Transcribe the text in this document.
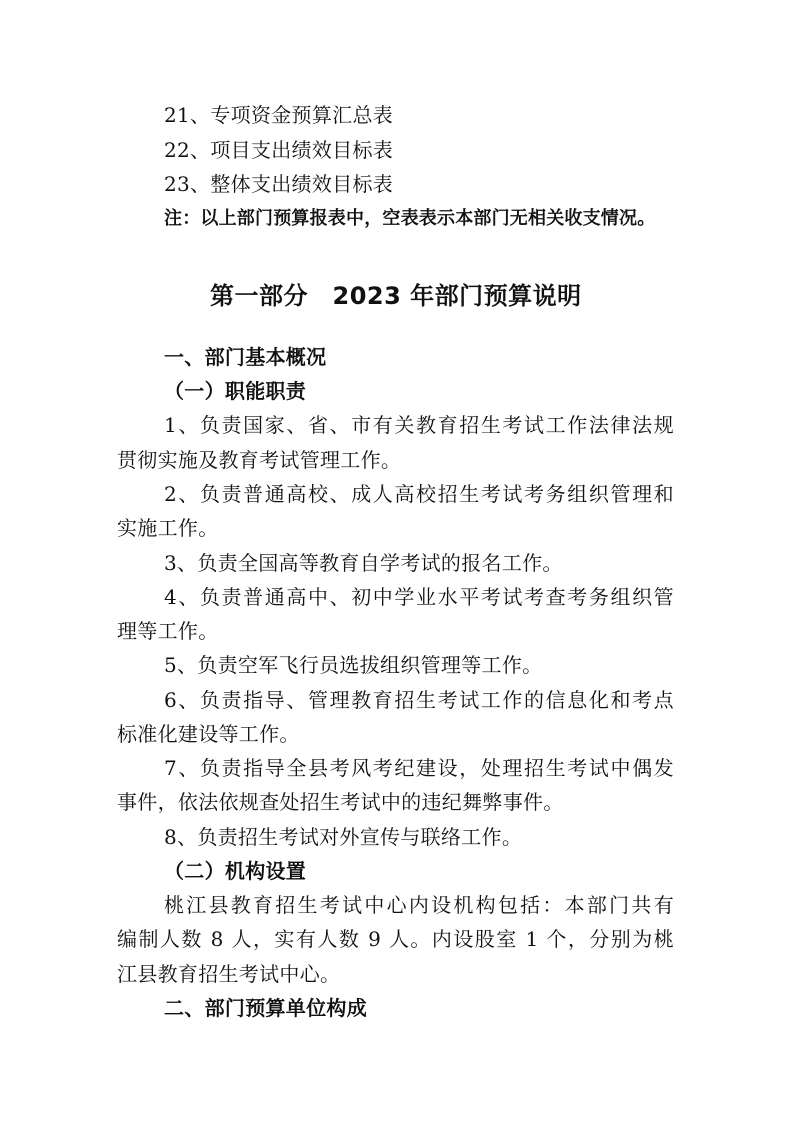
21、专项资金预算汇总表
22、项目支出绩效目标表
23、整体支出绩效目标表
注：以上部门预算报表中，空表表示本部门无相关收支情况。
第一部分　2023 年部门预算说明
一、部门基本概况
（一）职能职责
1、负责国家、省、市有关教育招生考试工作法律法规
贯彻实施及教育考试管理工作。
2、负责普通高校、成人高校招生考试考务组织管理和
实施工作。
3、负责全国高等教育自学考试的报名工作。
4、负责普通高中、初中学业水平考试考查考务组织管
理等工作。
5、负责空军飞行员选拔组织管理等工作。
6、负责指导、管理教育招生考试工作的信息化和考点
标准化建设等工作。
7、负责指导全县考风考纪建设，处理招生考试中偶发
事件，依法依规查处招生考试中的违纪舞弊事件。
8、负责招生考试对外宣传与联络工作。
（二）机构设置
桃江县教育招生考试中心内设机构包括：本部门共有
编制人数 8 人，实有人数 9 人。内设股室 1 个，分别为桃
江县教育招生考试中心。
二、部门预算单位构成
